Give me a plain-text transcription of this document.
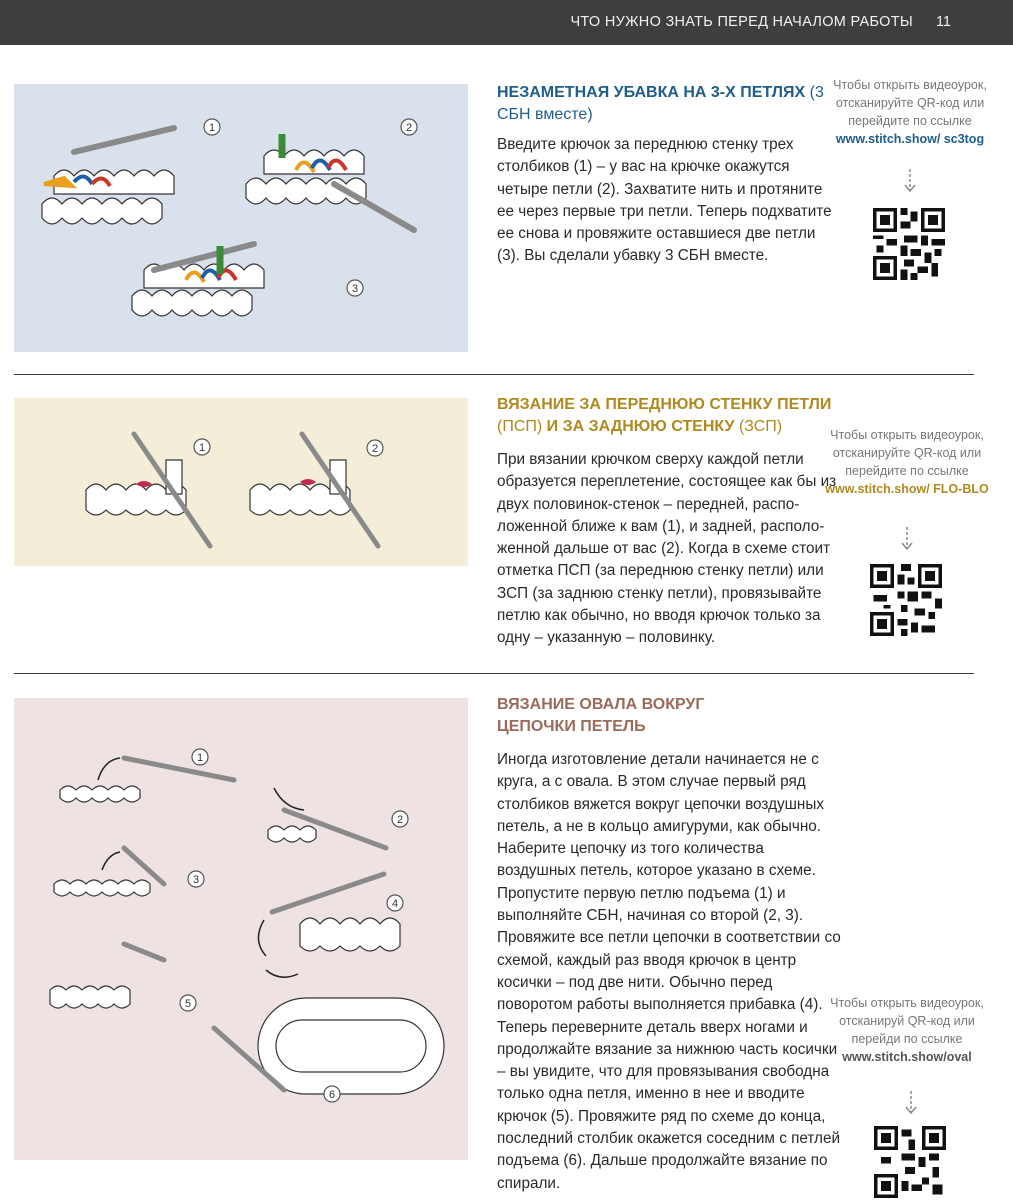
ЧТО НУЖНО ЗНАТЬ ПЕРЕД НАЧАЛОМ РАБОТЫ 11
1	2
3
НЕЗАМЕТНАЯ УБАВКА НА 3-Х ПЕТЛЯХ (3 СБН вместе)
Введите крючок за переднюю стенку трех столбиков (1) – у вас на крючке окажутся четыре петли (2). Захватите нить и протяните ее через первые три петли. Теперь подхватите ее снова и провяжите оставшиеся две петли (3). Вы сделали убавку 3 СБН вместе.
Чтобы открыть видеоурок, отсканируйте QR-код или перейдите по ссылке
www.stitch.show/ sc3tog
1	2
ВЯЗАНИЕ ЗА ПЕРЕДНЮЮ СТЕНКУ ПЕТЛИ (ПСП) И ЗА ЗАДНЮЮ СТЕНКУ (ЗСП)
При вязании крючком сверху каждой петли образуется переплетение, состоящее как бы из двух половинок-стенок – передней, расположенной ближе к вам (1), и задней, расположенной дальше от вас (2). Когда в схеме стоит отметка ПСП (за переднюю стенку петли) или ЗСП (за заднюю стенку петли), провязывайте петлю как обычно, но вводя крючок только за одну – указанную – половинку.
Чтобы открыть видеоурок, отсканируйте QR-код или перейдите по ссылке
www.stitch.show/ FLO-BLO
1
2
3
4
5
6
ВЯЗАНИЕ ОВАЛА ВОКРУГ ЦЕПОЧКИ ПЕТЕЛЬ
Иногда изготовление детали начинается не с круга, а с овала. В этом случае первый ряд столбиков вяжется вокруг цепочки воздушных петель, а не в кольцо амигуруми, как обычно. Наберите цепочку из того количества воздушных петель, которое указано в схеме. Пропустите первую петлю подъема (1) и выполняйте СБН, начиная со второй (2, 3). Провяжите все петли цепочки в соответствии со схемой, каждый раз вводя крючок в центр косички – под две нити. Обычно перед поворотом работы выполняется прибавка (4). Теперь переверните деталь вверх ногами и продолжайте вязание за нижнюю часть косички – вы увидите, что для провязывания свободна только одна петля, именно в нее и вводите крючок (5). Провяжите ряд по схеме до конца, последний столбик окажется соседним с петлей подъема (6). Дальше продолжайте вязание по спирали.
Чтобы открыть видеоурок, отсканируй QR-код или перейди по ссылке
www.stitch.show/oval
